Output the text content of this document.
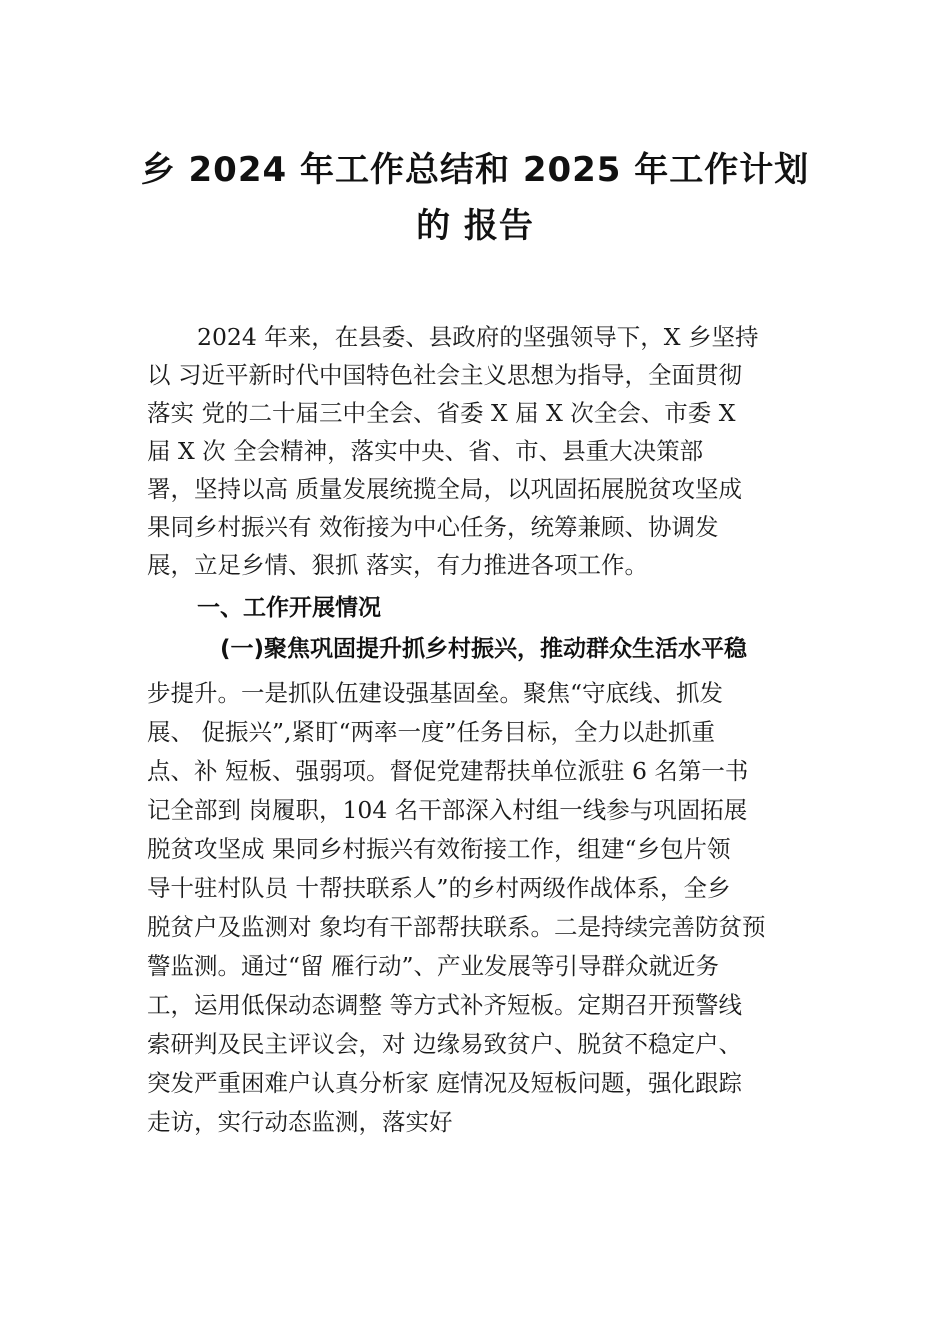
乡 2024 年工作总结和 2025 年工作计划
的 报告
2024 年来，在县委、县政府的坚强领导下，X 乡坚持
以 习近平新时代中国特色社会主义思想为指导，全面贯彻
落实 党的二十届三中全会、省委 X 届 X 次全会、市委 X
届 X 次 全会精神，落实中央、省、市、县重大决策部
署，坚持以高 质量发展统揽全局，以巩固拓展脱贫攻坚成
果同乡村振兴有 效衔接为中心任务，统筹兼顾、协调发
展，立足乡情、狠抓 落实，有力推进各项工作。
一、工作开展情况
(一)聚焦巩固提升抓乡村振兴，推动群众生活水平稳
步提升。一是抓队伍建设强基固垒。聚焦“守底线、抓发
展、 促振兴”,紧盯“两率一度”任务目标，全力以赴抓重
点、补 短板、强弱项。督促党建帮扶单位派驻 6 名第一书
记全部到 岗履职，104 名干部深入村组一线参与巩固拓展
脱贫攻坚成 果同乡村振兴有效衔接工作，组建“乡包片领
导十驻村队员 十帮扶联系人”的乡村两级作战体系，全乡
脱贫户及监测对 象均有干部帮扶联系。二是持续完善防贫预
警监测。通过“留 雁行动”、产业发展等引导群众就近务
工，运用低保动态调整 等方式补齐短板。定期召开预警线
索研判及民主评议会，对 边缘易致贫户、脱贫不稳定户、
突发严重困难户认真分析家 庭情况及短板问题，强化跟踪
走访，实行动态监测，落实好
